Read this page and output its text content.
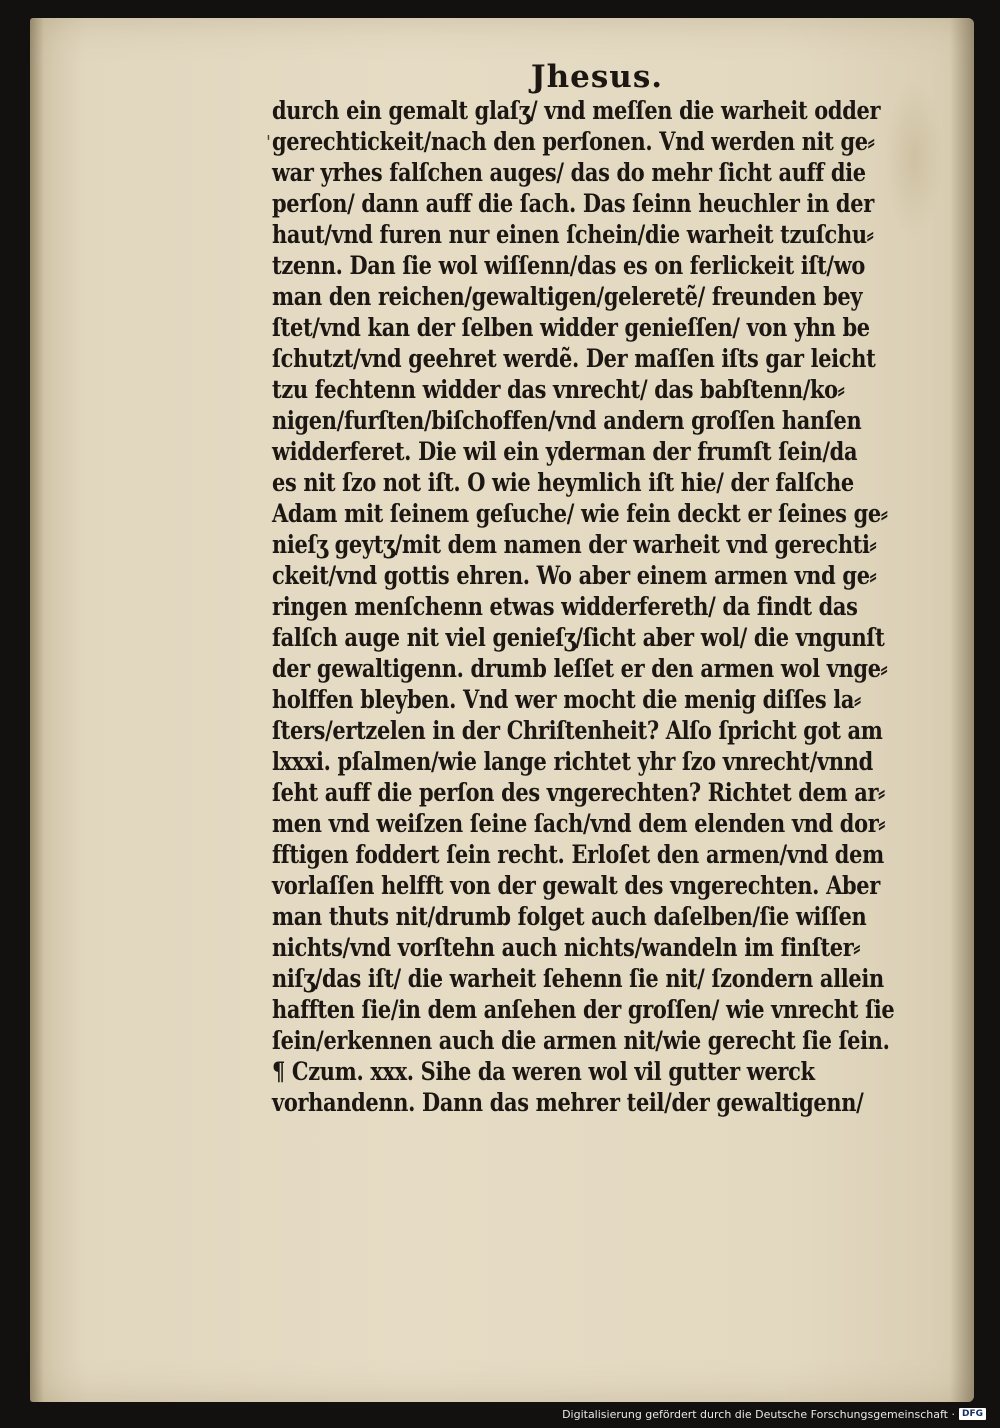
'
Jhesus.
durch ein gemalt glaſʒ/ vnd meſſen die warheit odder
gerechtickeit/nach den perſonen. Vnd werden nit ge⸗
war yrhes falſchen auges/ das do mehr ſicht auff die
perſon/ dann auff die ſach. Das ſeinn heuchler in der
haut/vnd furen nur einen ſchein/die warheit tzuſchu⸗
tzenn. Dan ſie wol wiſſenn/das es on ferlickeit iſt/wo
man den reichen/gewaltigen/geleretẽ/ freunden bey
ſtet/vnd kan der ſelben widder genieſſen/ von yhn be
ſchutzt/vnd geehret werdẽ. Der maſſen iſts gar leicht
tzu fechtenn widder das vnrecht/ das babſtenn/ko⸗
nigen/furſten/biſchoffen/vnd andern groſſen hanſen
widderferet. Die wil ein yderman der frumſt ſein/da
es nit ſzo not iſt. O wie heymlich iſt hie/ der falſche
Adam mit ſeinem geſuche/ wie fein deckt er ſeines ge⸗
nieſʒ geytʒ/mit dem namen der warheit vnd gerechti⸗
ckeit/vnd gottis ehren. Wo aber einem armen vnd ge⸗
ringen menſchenn etwas widderfereth/ da findt das
falſch auge nit viel genieſʒ/ſicht aber wol/ die vngunſt
der gewaltigenn. drumb leſſet er den armen wol vnge⸗
holffen bleyben. Vnd wer mocht die menig diſſes la⸗
ſters/ertzelen in der Chriſtenheit? Alſo ſpricht got am
lxxxi. pſalmen/wie lange richtet yhr ſzo vnrecht/vnnd
ſeht auff die perſon des vngerechten? Richtet dem ar⸗
men vnd weiſzen ſeine ſach/vnd dem elenden vnd dor⸗
fftigen foddert ſein recht. Erloſet den armen/vnd dem
vorlaſſen helfft von der gewalt des vngerechten. Aber
man thuts nit/drumb folget auch daſelben/ſie wiſſen
nichts/vnd vorſtehn auch nichts/wandeln im finſter⸗
niſʒ/das iſt/ die warheit ſehenn ſie nit/ ſzondern allein
hafften ſie/in dem anſehen der groſſen/ wie vnrecht ſie
ſein/erkennen auch die armen nit/wie gerecht ſie ſein.
¶ Czum. xxx. Sihe da weren wol vil gutter werck
vorhandenn. Dann das mehrer teil/der gewaltigenn/
Digitalisierung gefördert durch die Deutsche Forschungsgemeinschaft · DFG
